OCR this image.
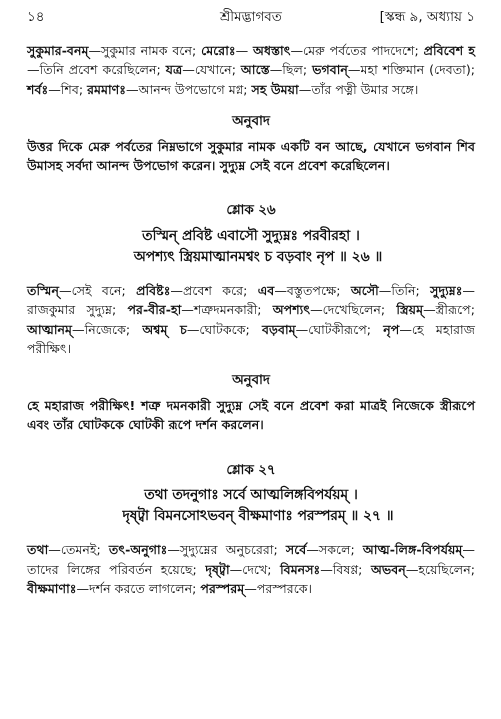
১৪	শ্রীমদ্ভাগবত	[স্কন্ধ ৯, অধ্যায় ১

সুকুমার-বনম্—সুকুমার নামক বনে; মেরোঃ— অধস্তাৎ—মেরু পর্বতের পাদদেশে; প্রবিবেশ হ—তিনি প্রবেশ করেছিলেন; যত্র—যেখানে; আস্তে—ছিল; ভগবান্—মহা শক্তিমান (দেবতা); শর্বঃ—শিব; রমমাণঃ—আনন্দ উপভোগে মগ্ন; সহ উময়া—তাঁর পত্নী উমার সঙ্গে।

অনুবাদ

উত্তর দিকে মেরু পর্বতের নিম্নভাগে সুকুমার নামক একটি বন আছে, যেখানে ভগবান শিব উমাসহ সর্বদা আনন্দ উপভোগ করেন। সুদ্যুম্ন সেই বনে প্রবেশ করেছিলেন।

শ্লোক ২৬
তস্মিন্ প্রবিষ্ট এবাসৌ সুদ্যুম্নঃ পরবীরহা ।
অপশ্যৎ স্ত্রিয়মাত্মানমশ্বং চ বড়বাং নৃপ ॥ ২৬ ॥

তস্মিন্—সেই বনে; প্রবিষ্টঃ—প্রবেশ করে; এব—বস্তুতপক্ষে; অসৌ—তিনি; সুদ্যুম্নঃ—রাজকুমার সুদ্যুম্ন; পর-বীর-হা—শত্রুদমনকারী; অপশ্যৎ—দেখেছিলেন; স্ত্রিয়ম্—স্ত্রীরূপে; আত্মানম্—নিজেকে; অশ্বম্ চ—ঘোটককে; বড়বাম্—ঘোটকীরূপে; নৃপ—হে মহারাজ পরীক্ষিৎ।

অনুবাদ

হে মহারাজ পরীক্ষিৎ! শত্রু দমনকারী সুদ্যুম্ন সেই বনে প্রবেশ করা মাত্রই নিজেকে স্ত্রীরূপে এবং তাঁর ঘোটককে ঘোটকী রূপে দর্শন করলেন।

শ্লোক ২৭
তথা তদনুগাঃ সর্বে আত্মলিঙ্গবিপর্যয়ম্ ।
দৃষ্ট্বা বিমনসোঽভবন্ বীক্ষমাণাঃ পরস্পরম্ ॥ ২৭ ॥

তথা—তেমনই; তৎ-অনুগাঃ—সুদ্যুম্নের অনুচরেরা; সর্বে—সকলে; আত্ম-লিঙ্গ-বিপর্যয়ম্—তাদের লিঙ্গের পরিবর্তন হয়েছে; দৃষ্ট্বা—দেখে; বিমনসঃ—বিষণ্ণ; অভবন্—হয়েছিলেন; বীক্ষমাণাঃ—দর্শন করতে লাগলেন; পরস্পরম্—পরস্পরকে।
